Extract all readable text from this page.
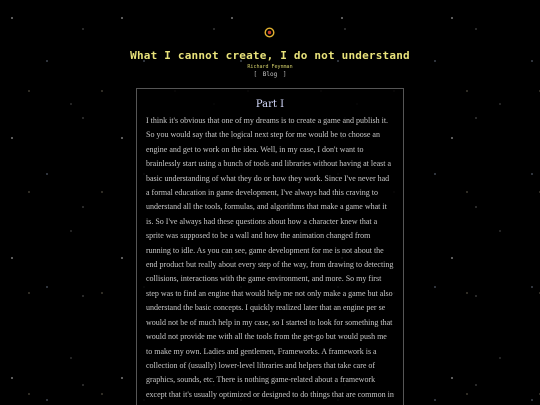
What I cannot create, I do not understand
Richard Feynman
[ Blog ]
Part I

I think it's obvious that one of my dreams is to create a game and publish it. So you would say that the logical next step for me would be to choose an engine and get to work on the idea. Well, in my case, I don't want to brainlessly start using a bunch of tools and libraries without having at least a basic understanding of what they do or how they work. Since I've never had a formal education in game development, I've always had this craving to understand all the tools, formulas, and algorithms that make a game what it is. So I've always had these questions about how a character knew that a sprite was supposed to be a wall and how the animation changed from running to idle. As you can see, game development for me is not about the end product but really about every step of the way, from drawing to detecting collisions, interactions with the game environment, and more. So my first step was to find an engine that would help me not only make a game but also understand the basic concepts. I quickly realized later that an engine per se would not be of much help in my case, so I started to look for something that would not provide me with all the tools from the get-go but would push me to make my own. Ladies and gentlemen, Frameworks. A framework is a collection of (usually) lower-level libraries and helpers that take care of graphics, sounds, etc. There is nothing game-related about a framework except that it's usually optimized or designed to do things that are common in
